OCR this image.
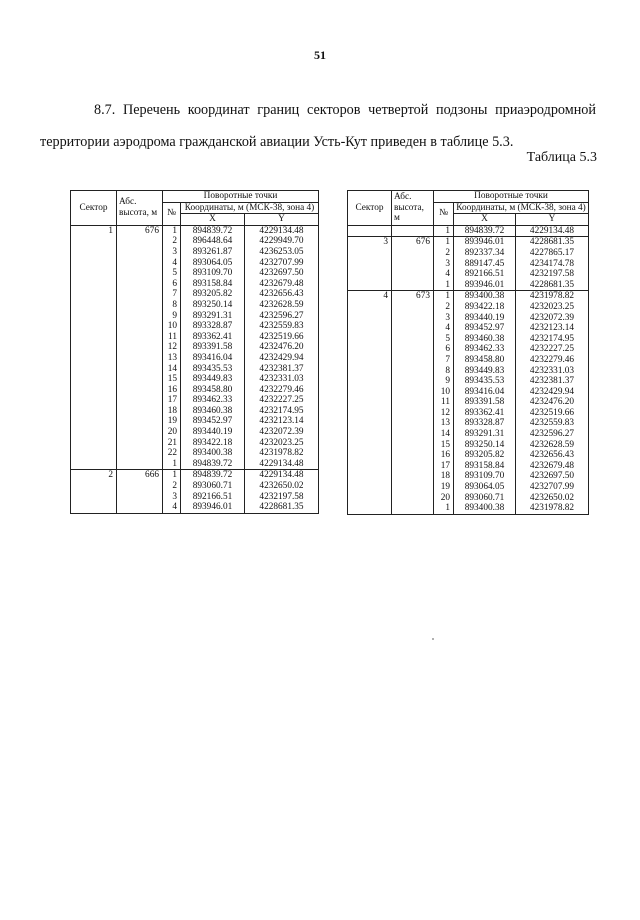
51
8.7. Перечень координат границ секторов четвертой подзоны приаэродромной
территории аэродрома гражданской авиации Усть-Кут приведен в таблице 5.3.
Таблица 5.3
Сектор	Абс. высота, м	Поворотные точки		
		№	Координаты, м (МСК-38, зона 4)	
			X	Y
1	676	1	894839.72	4229134.48
		2	896448.64	4229949.70
		3	893261.87	4236253.05
		4	893064.05	4232707.99
		5	893109.70	4232697.50
		6	893158.84	4232679.48
		7	893205.82	4232656.43
		8	893250.14	4232628.59
		9	893291.31	4232596.27
		10	893328.87	4232559.83
		11	893362.41	4232519.66
		12	893391.58	4232476.20
		13	893416.04	4232429.94
		14	893435.53	4232381.37
		15	893449.83	4232331.03
		16	893458.80	4232279.46
		17	893462.33	4232227.25
		18	893460.38	4232174.95
		19	893452.97	4232123.14
		20	893440.19	4232072.39
		21	893422.18	4232023.25
		22	893400.38	4231978.82
		1	894839.72	4229134.48
2	666	1	894839.72	4229134.48
		2	893060.71	4232650.02
		3	892166.51	4232197.58
		4	893946.01	4228681.35
Сектор	Абс. высота, м	Поворотные точки		
		№	Координаты, м (МСК-38, зона 4)	
			X	Y
		1	894839.72	4229134.48
3	676	1	893946.01	4228681.35
		2	892337.34	4227865.17
		3	889147.45	4234174.78
		4	892166.51	4232197.58
		1	893946.01	4228681.35
4	673	1	893400.38	4231978.82
		2	893422.18	4232023.25
		3	893440.19	4232072.39
		4	893452.97	4232123.14
		5	893460.38	4232174.95
		6	893462.33	4232227.25
		7	893458.80	4232279.46
		8	893449.83	4232331.03
		9	893435.53	4232381.37
		10	893416.04	4232429.94
		11	893391.58	4232476.20
		12	893362.41	4232519.66
		13	893328.87	4232559.83
		14	893291.31	4232596.27
		15	893250.14	4232628.59
		16	893205.82	4232656.43
		17	893158.84	4232679.48
		18	893109.70	4232697.50
		19	893064.05	4232707.99
		20	893060.71	4232650.02
		1	893400.38	4231978.82
